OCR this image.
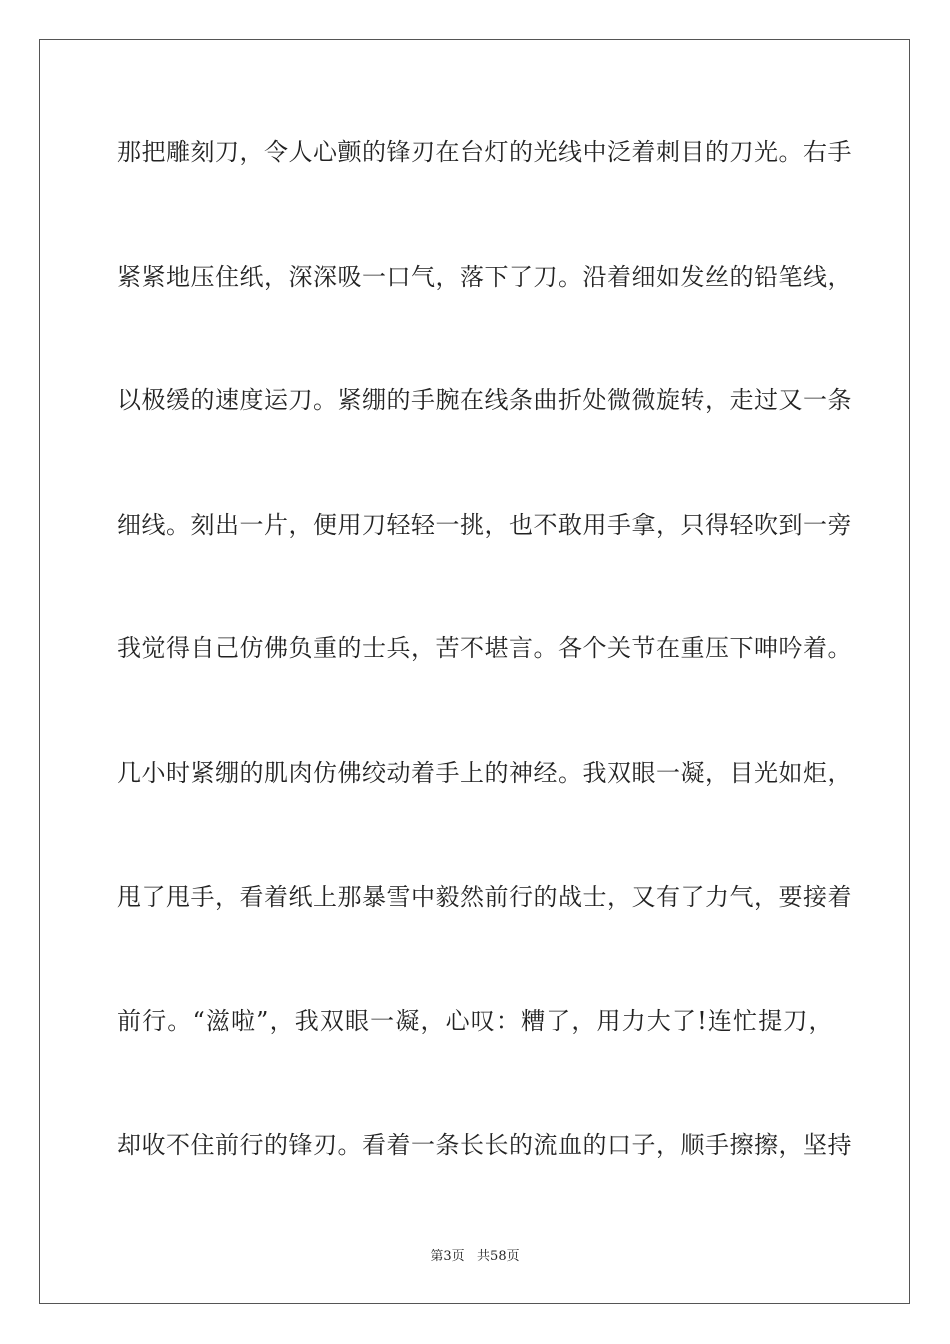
那把雕刻刀，令人心颤的锋刃在台灯的光线中泛着刺目的刀光。右手
紧紧地压住纸，深深吸一口气，落下了刀。沿着细如发丝的铅笔线，
以极缓的速度运刀。紧绷的手腕在线条曲折处微微旋转，走过又一条
细线。刻出一片，便用刀轻轻一挑，也不敢用手拿，只得轻吹到一旁
我觉得自己仿佛负重的士兵，苦不堪言。各个关节在重压下呻吟着。
几小时紧绷的肌肉仿佛绞动着手上的神经。我双眼一凝，目光如炬，
甩了甩手，看着纸上那暴雪中毅然前行的战士，又有了力气，要接着
前行。“滋啦”，我双眼一凝，心叹：糟了，用力大了!连忙提刀，
却收不住前行的锋刃。看着一条长长的流血的口子，顺手擦擦，坚持
第3页   共58页
